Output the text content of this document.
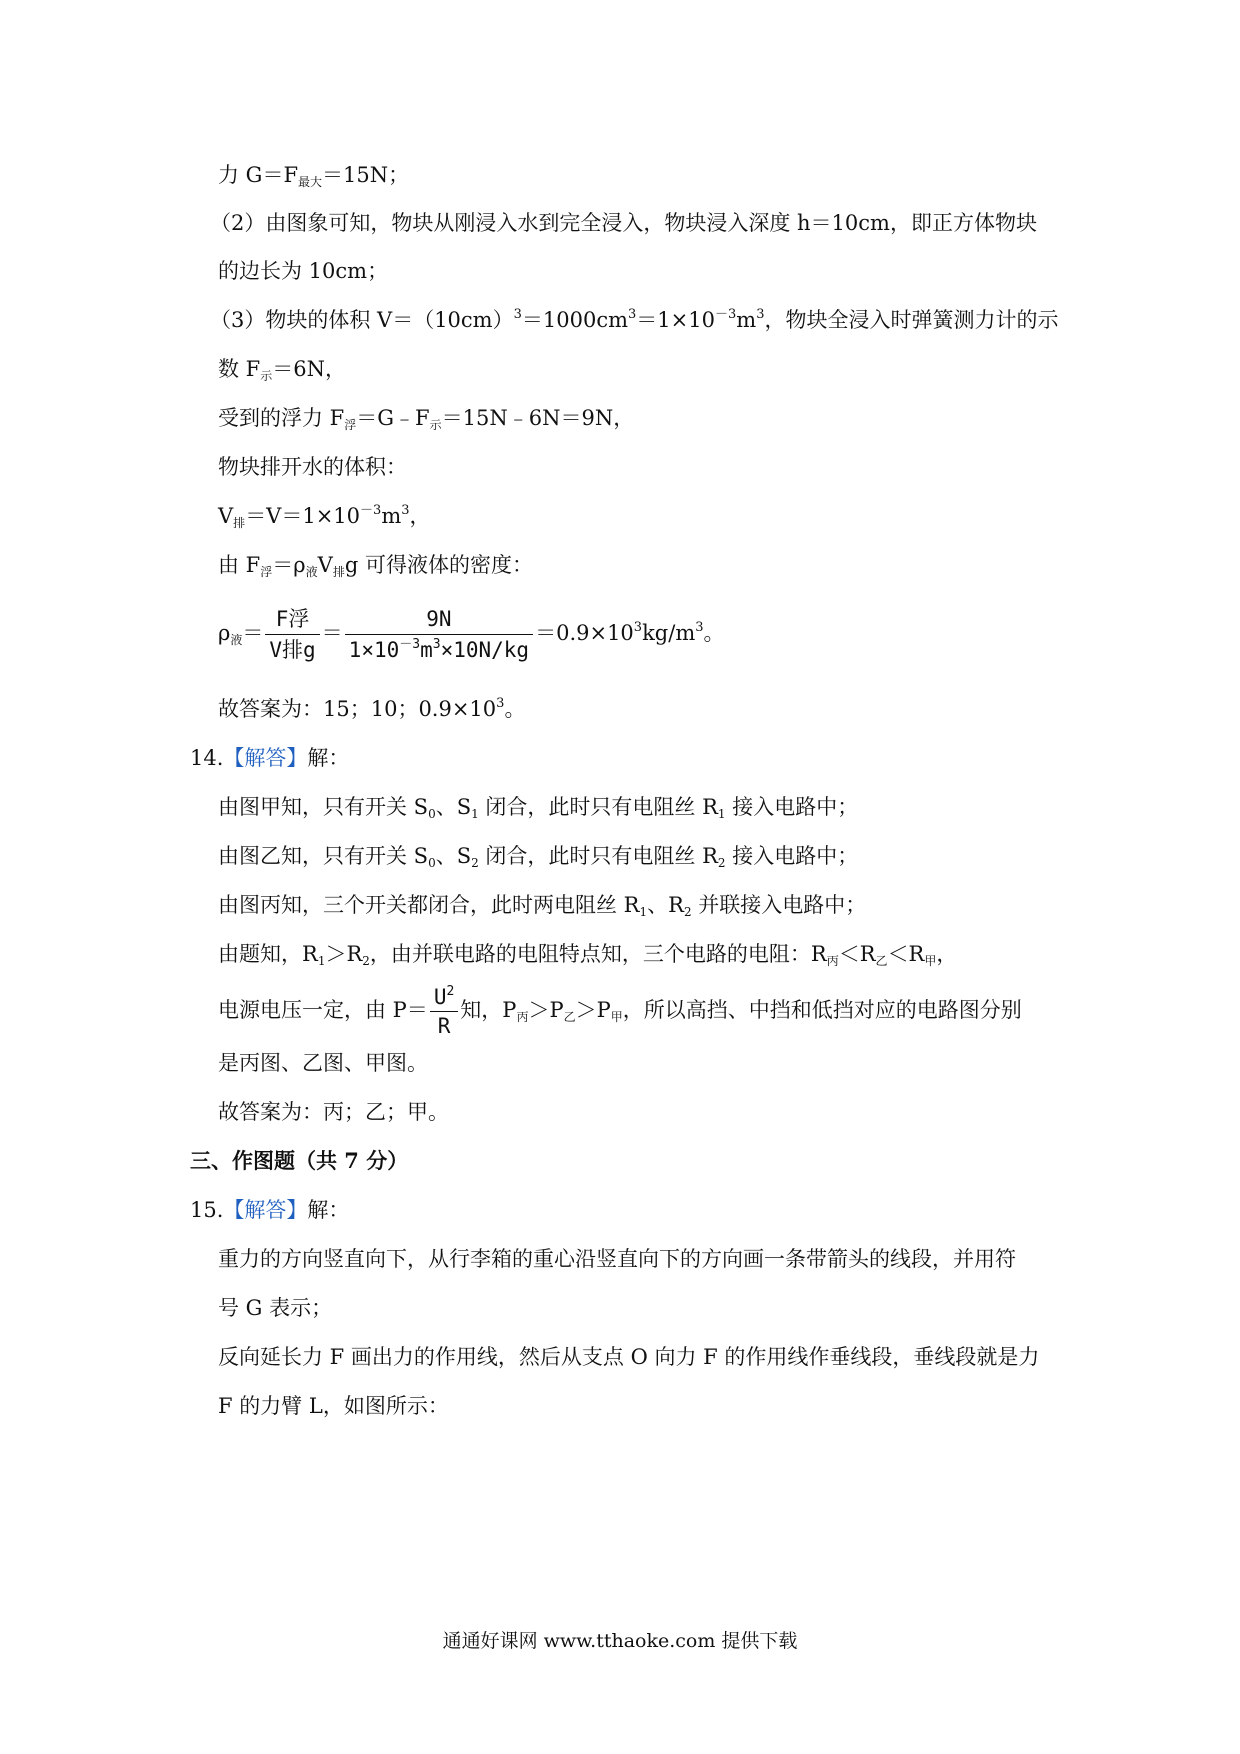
力 $G=F_{最大}=15N$；
（2）由图象可知，物块从刚浸入水到完全浸入，物块浸入深度 h＝10cm，即正方体物块
的边长为 10cm；
（3）物块的体积 $V=(10cm)^3=1000cm^3=1\times 10^{-3}m^3$，物块全浸入时弹簧测力计的示
数 $F_示=6N$，
受到的浮力 $F_浮=G﹣F_示=15N﹣6N=9N$，
物块排开水的体积：
$V_排=V=1\times 10^{-3}m^3$，
由 $F_浮=\rho_液V_排g$ 可得液体的密度：
$\rho_液= \frac{\text{F浮}}{\text{V排g}} = \frac{9N}{1\times 10^{-3}m^3\times 10N/kg} =0.9\times 10^3kg/m^3$。
故答案为：15；10；$0.9\times 10^3$。
14.【解答】解：
由图甲知，只有开关 $S_0$、$S_1$ 闭合，此时只有电阻丝 $R_1$ 接入电路中；
由图乙知，只有开关 $S_0$、$S_2$ 闭合，此时只有电阻丝 $R_2$ 接入电路中；
由图丙知，三个开关都闭合，此时两电阻丝 $R_1$、$R_2$ 并联接入电路中；
由题知，$R_1>R_2$，由并联电路的电阻特点知，三个电路的电阻：$R_丙<R_乙<R_甲$，
电源电压一定，由 $P= \frac{U^2}{R}$ 知，$P_丙>P_乙>P_甲$，所以高挡、中挡和低挡对应的电路图分别
是丙图、乙图、甲图。
故答案为：丙；乙；甲。
三、作图题（共 7 分）
15.【解答】解：
重力的方向竖直向下，从行李箱的重心沿竖直向下的方向画一条带箭头的线段，并用符
号 G 表示；
反向延长力 F 画出力的作用线，然后从支点 O 向力 F 的作用线作垂线段，垂线段就是力
F 的力臂 L，如图所示：
通通好课网 www.tthaoke.com 提供下载
